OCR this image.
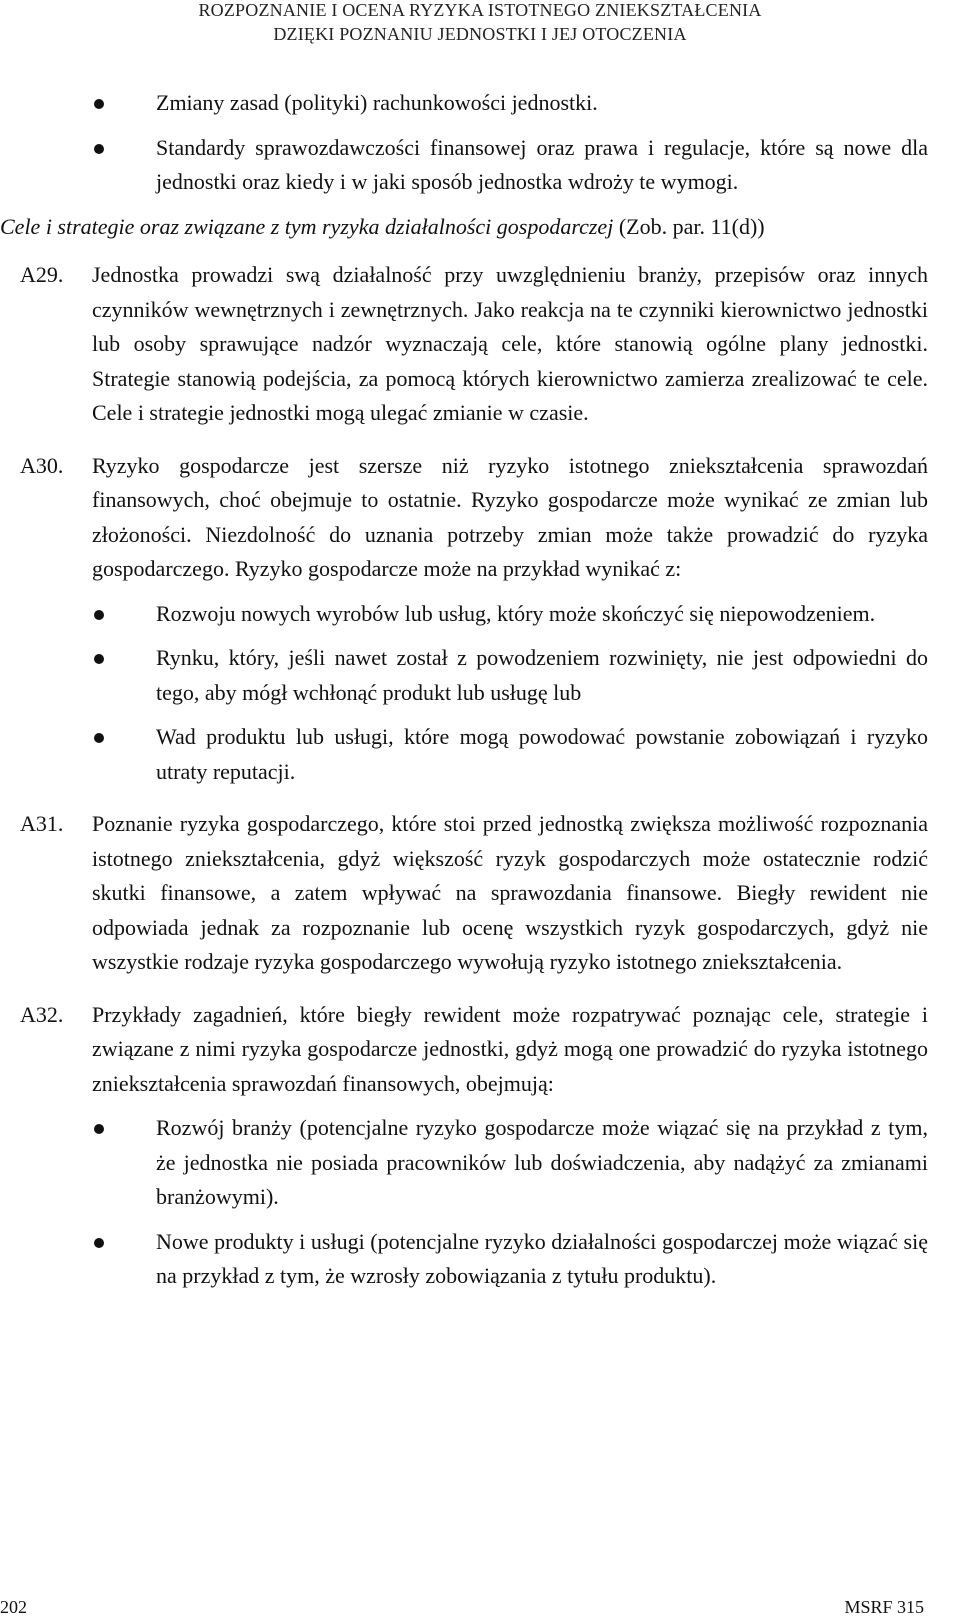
ROZPOZNANIE I OCENA RYZYKA ISTOTNEGO ZNIEKSZTAŁCENIA
DZIĘKI POZNANIU JEDNOSTKI I JEJ OTOCZENIA
Zmiany zasad (polityki) rachunkowości jednostki.
Standardy sprawozdawczości finansowej oraz prawa i regulacje, które są nowe dla jednostki oraz kiedy i w jaki sposób jednostka wdroży te wymogi.
Cele i strategie oraz związane z tym ryzyka działalności gospodarczej (Zob. par. 11(d))
A29.	Jednostka prowadzi swą działalność przy uwzględnieniu branży, przepisów oraz innych czynników wewnętrznych i zewnętrznych. Jako reakcja na te czynniki kierownictwo jednostki lub osoby sprawujące nadzór wyznaczają cele, które stanowią ogólne plany jednostki. Strategie stanowią podejścia, za pomocą których kierownictwo zamierza zrealizować te cele. Cele i strategie jednostki mogą ulegać zmianie w czasie.
A30.	Ryzyko gospodarcze jest szersze niż ryzyko istotnego zniekształcenia sprawozdań finansowych, choć obejmuje to ostatnie. Ryzyko gospodarcze może wynikać ze zmian lub złożoności. Niezdolność do uznania potrzeby zmian może także prowadzić do ryzyka gospodarczego. Ryzyko gospodarcze może na przykład wynikać z:
Rozwoju nowych wyrobów lub usług, który może skończyć się niepowodzeniem.
Rynku, który, jeśli nawet został z powodzeniem rozwinięty, nie jest odpowiedni do tego, aby mógł wchłonąć produkt lub usługę lub
Wad produktu lub usługi, które mogą powodować powstanie zobowiązań i ryzyko utraty reputacji.
A31.	Poznanie ryzyka gospodarczego, które stoi przed jednostką zwiększa możliwość rozpoznania istotnego zniekształcenia, gdyż większość ryzyk gospodarczych może ostatecznie rodzić skutki finansowe, a zatem wpływać na sprawozdania finansowe. Biegły rewident nie odpowiada jednak za rozpoznanie lub ocenę wszystkich ryzyk gospodarczych, gdyż nie wszystkie rodzaje ryzyka gospodarczego wywołują ryzyko istotnego zniekształcenia.
A32.	Przykłady zagadnień, które biegły rewident może rozpatrywać poznając cele, strategie i związane z nimi ryzyka gospodarcze jednostki, gdyż mogą one prowadzić do ryzyka istotnego zniekształcenia sprawozdań finansowych, obejmują:
Rozwój branży (potencjalne ryzyko gospodarcze może wiązać się na przykład z tym, że jednostka nie posiada pracowników lub doświadczenia, aby nadążyć za zmianami branżowymi).
Nowe produkty i usługi (potencjalne ryzyko działalności gospodarczej może wiązać się na przykład z tym, że wzrosły zobowiązania z tytułu produktu).
202	MSRF 315
